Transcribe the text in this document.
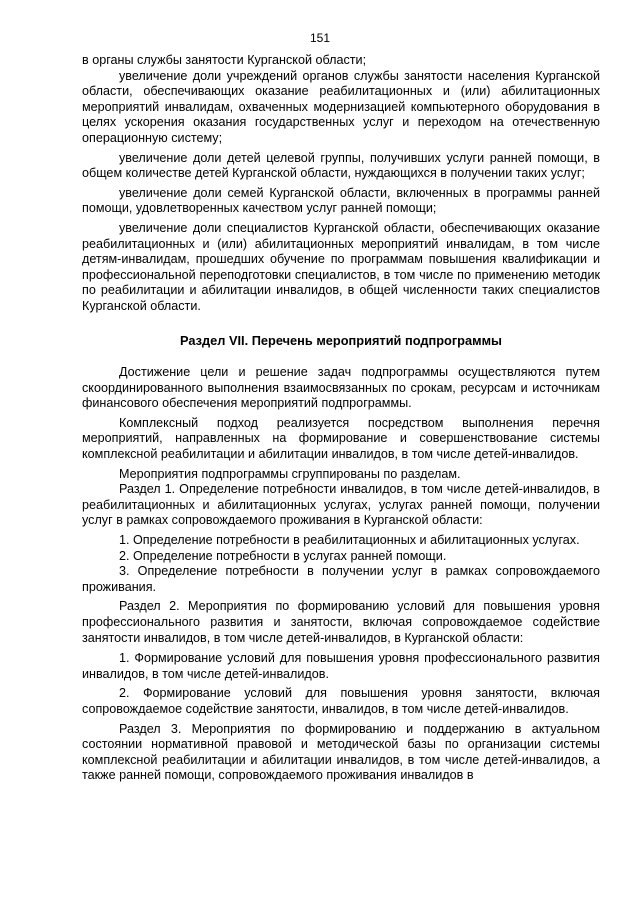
151

в органы службы занятости Курганской области;

увеличение доли учреждений органов службы занятости населения Курганской области, обеспечивающих оказание реабилитационных и (или) абилитационных мероприятий инвалидам, охваченных модернизацией компьютерного оборудования в целях ускорения оказания государственных услуг и переходом на отечественную операционную систему;

увеличение доли детей целевой группы, получивших услуги ранней помощи, в общем количестве детей Курганской области, нуждающихся в получении таких услуг;

увеличение доли семей Курганской области, включенных в программы ранней помощи, удовлетворенных качеством услуг ранней помощи;

увеличение доли специалистов Курганской области, обеспечивающих оказание реабилитационных и (или) абилитационных мероприятий инвалидам, в том числе детям-инвалидам, прошедших обучение по программам повышения квалификации и профессиональной переподготовки специалистов, в том числе по применению методик по реабилитации и абилитации инвалидов, в общей численности таких специалистов Курганской области.

Раздел VII. Перечень мероприятий подпрограммы

Достижение цели и решение задач подпрограммы осуществляются путем скоординированного выполнения взаимосвязанных по срокам, ресурсам и источникам финансового обеспечения мероприятий подпрограммы.

Комплексный подход реализуется посредством выполнения перечня мероприятий, направленных на формирование и совершенствование системы комплексной реабилитации и абилитации инвалидов, в том числе детей-инвалидов.

Мероприятия подпрограммы сгруппированы по разделам.

Раздел 1. Определение потребности инвалидов, в том числе детей-инвалидов, в реабилитационных и абилитационных услугах, услугах ранней помощи, получении услуг в рамках сопровождаемого проживания в Курганской области:

1. Определение потребности в реабилитационных и абилитационных услугах.

2. Определение потребности в услугах ранней помощи.

3. Определение потребности в получении услуг в рамках сопровождаемого проживания.

Раздел 2. Мероприятия по формированию условий для повышения уровня профессионального развития и занятости, включая сопровождаемое содействие занятости инвалидов, в том числе детей-инвалидов, в Курганской области:

1. Формирование условий для повышения уровня профессионального развития инвалидов, в том числе детей-инвалидов.

2. Формирование условий для повышения уровня занятости, включая сопровождаемое содействие занятости, инвалидов, в том числе детей-инвалидов.

Раздел 3. Мероприятия по формированию и поддержанию в актуальном состоянии нормативной правовой и методической базы по организации системы комплексной реабилитации и абилитации инвалидов, в том числе детей-инвалидов, а также ранней помощи, сопровождаемого проживания инвалидов в
